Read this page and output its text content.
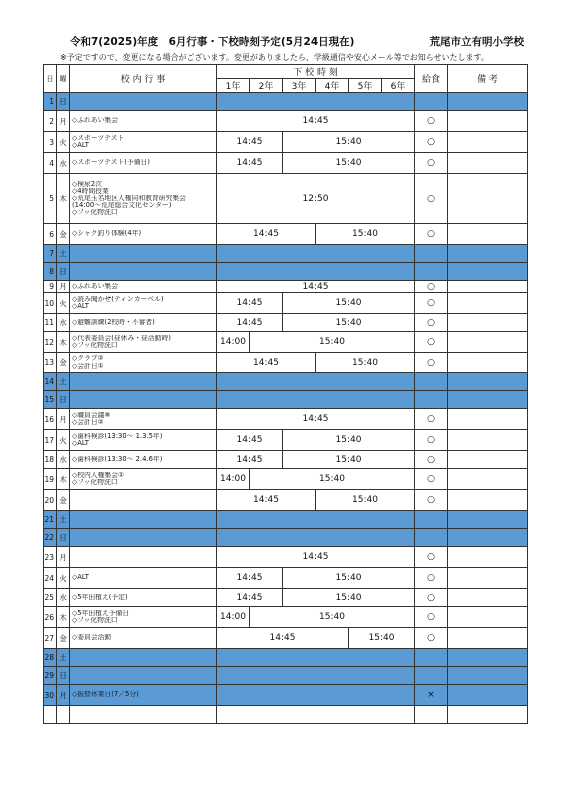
令和7(2025)年度　6月行事・下校時刻予定(5月24日現在)	荒尾市立有明小学校
※予定ですので、変更になる場合がございます。変更がありましたら、学級通信や安心メール等でお知らせいたします。
日	曜	校 内 行 事	下 校 時 刻						給食	備 考
			1年	2年	3年	4年	5年	6年		
1	日									
2	月	◇ふれあい集会	14:45						○	
3	火	◇スポーツテスト
◇ALT	14:45		15:40				○	
4	水	◇スポーツテスト(予備日)	14:45		15:40				○	
5	木	◇検尿2次
◇4時間授業
◇荒尾玉名地区人権同和教育研究集会
(14:00～荒尾総合文化センター)
◇フッ化物洗口	12:50						○	
6	金	◇シャク釣り体験(4年)	14:45			15:40			○	
7	土									
8	日									
9	月	◇ふれあい集会	14:45						○	
10	火	◇読み聞かせ(ティンカーベル)
◇ALT	14:45		15:40				○	
11	水	◇避難訓練(2校時・不審者)	14:45		15:40				○	
12	木	◇代表委員会(昼休み・昼活動時)
◇フッ化物洗口	14:00	15:40					○	
13	金	◇クラブ②
◇会計日①	14:45			15:40			○	
14	土									
15	日									
16	月	◇職員会議⑧
◇会計日②	14:45						○	
17	火	◇歯科検診(13:30～ 1.3.5年)
◇ALT	14:45		15:40				○	
18	水	◇歯科検診(13:30～ 2.4.6年)	14:45		15:40				○	
19	木	◇校内人権集会①
◇フッ化物洗口	14:00	15:40					○	
20	金		14:45			15:40			○	
21	土									
22	日									
23	月		14:45						○	
24	火	◇ALT	14:45		15:40				○	
25	水	◇5年田植え(予定)	14:45		15:40				○	
26	木	◇5年田植え予備日
◇フッ化物洗口	14:00	15:40					○	
27	金	◇委員会活動	14:45				15:40		○	
28	土									
29	日									
30	月	◇振替休業日(7／5分)							×	
